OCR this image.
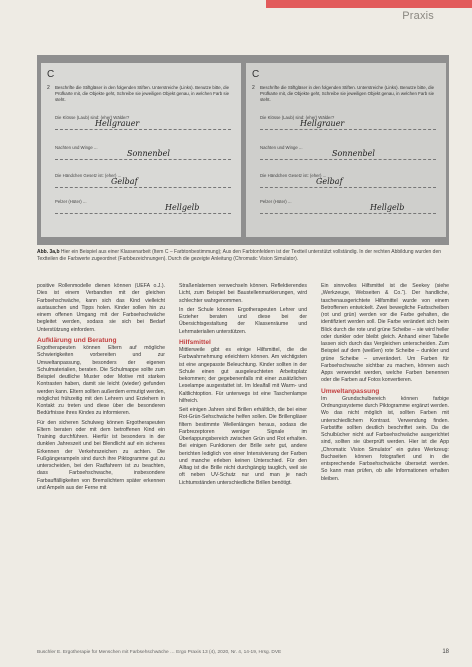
Praxis
C
2 Beschrifte die Stiftgläser in den folgenden Stiften. Unterstreiche (Links). Benutze bitte, die Prüfkarte mit, die Objekte geht, Schreibe sie jeweiligen Objekt genau, in welchen Farb sie steht.
Die Klösse (Laub) sind: (eher) Wälder?
Hellgrauer
Nachten und Winge ...
Sonnenbel
Die Händchen Gesetz ist: (eher) ...
Gelbaf
Pelzer (Hüter) ...
Hellgelb
C
2 Beschrifte die Stiftgläser in den folgenden Stiften. Unterstreiche (Links). Benutze bitte, die Prüfkarte mit, die Objekte geht, Schreibe sie jeweiligen Objekt genau, in welchen Farb sie steht.
Die Klösse (Laub) sind: (eher) Wälder?
Hellgrauer
Nachten und Winge ...
Sonnenbel
Die Händchen Gesetz ist: (eher) ...
Gelbaf
Pelzer (Hüter) ...
Hellgelb
Abb. 3a,b Hier ein Beispiel aus einer Klassenarbeit (Item C – Farbtonbestimmung); Aus den Farbtonfeldern ist der Textteil unterstützt vollständig. In der rechten Abbildung wurden den Textteilen die Farbwerte zugeordnet (Farbbezeichnungen). Durch die gezeigte Anleitung (Chromatic Vision Simulator).

positive Rollenmodelle dienen können (UEFA o.J.). Dies ist einem Verbandten mit der gleichen Farbsehschwäche, kann sich das Kind vielleicht austauschen und Tipps holen. Kinder sollen hin zu einem offenen Umgang mit der Farbsehschwäche begleitet werden, sodass sie sich bei Bedarf Unterstützung einfordern.

Aufklärung und Beratung

Ergotherapeuten können Eltern auf mögliche Schwierigkeiten vorbereiten und zur Umweltanpassung, besonders der eigenen Schulmaterialien, beraten. Die Schulmappe sollte zum Beispiel deutliche Muster oder Motive mit starken Kontrasten haben, damit sie leicht (wieder) gefunden werden kann. Eltern sollten außerdem ermutigt werden, möglichst frühzeitig mit den Lehrern und Erziehern in Kontakt zu treten und diese über die besonderen Bedürfnisse ihres Kindes zu informieren.

Für den sicheren Schulweg können Ergotherapeuten Eltern beraten oder mit dem betroffenen Kind ein Training durchführen. Hierfür ist besonders in der dunklen Jahreszeit und bei Blendlicht auf ein sicheres Erkennen der Verkehrszeichen zu achten. Die Fußgängerampeln sind durch ihre Piktogramme gut zu unterscheiden, bei den Radfahrern ist zu beachten, dass Farbsehschwache, insbesondere Farbauffälligkeiten von Bremslichtern später erkennen und Ampeln aus der Ferne mit

Straßenlaternen verwechseln können. Reflektierendes Licht, zum Beispiel bei Baustellenmarkierungen, wird schlechter wahrgenommen.

In der Schule können Ergotherapeuten Lehrer und Erzieher beraten und diese bei der Übersichtsgestaltung der Klassenräume und Lehrmaterialien unterstützen.

Hilfsmittel

Mittlerweile gibt es einige Hilfsmittel, die die Farbwahrnehmung erleichtern können. Am wichtigsten ist eine angepasste Beleuchtung. Kinder sollten in der Schule einen gut ausgeleuchteten Arbeitsplatz bekommen; der gegebenenfalls mit einer zusätzlichen Leselampe ausgestattet ist. Im Idealfall mit Warm- und Kaltlichtoption. Für unterwegs ist eine Taschenlampe hilfreich.

Seit einigen Jahren sind Brillen erhältlich, die bei einer Rot-Grün-Sehschwäche helfen sollen. Die Brillengläser filtern bestimmte Wellenlängen heraus, sodass die Farbrezeptoren weniger Signale im Überlappungsbereich zwischen Grün und Rot erhalten. Bei einigen Funktionen der Brille sehr gut, andere berichten lediglich von einer Intensivierung der Farben und manche erleben keinen Unterschied. Für den Alltag ist die Brille nicht durchgängig tauglich, weil sie oft neben UV-Schutz nur und man je nach Lichtumständen unterschiedliche Brillen benötigt.

Ein sinnvolles Hilfsmittel ist die Seekey (siehe „Werkzeuge, Webseiten & Co.“). Der handliche, taschenausgerichtete Hilfsmittel wurde von einem Betroffenen entwickelt. Zwei bewegliche Farbscheiben (rot und grün) werden vor die Farbe gehalten, die identifiziert werden soll. Die Farbe verändert sich beim Blick durch die rote und grüne Scheibe – sie wird heller oder dunkler oder bleibt gleich. Anhand einer Tabelle lassen sich durch das Vergleichen unterscheiden. Zum Beispiel auf dem (weißen) rote Scheibe – dunkler und grüne Scheibe – unverändert. Um Farben für Farbsehschwache sichtbar zu machen, können auch Apps verwendet werden, welche Farben benennen oder die Farben auf Fotos konvertieren.

Umweltanpassung

Im Grundschulbereich können farbige Ordnungssysteme durch Piktogramme ergänzt werden. Wo das nicht möglich ist, sollten Farben mit unterschiedlichem Kontrast. Verwendung finden. Farbstifte sollten deutlich beschriftet sein. Da die Schulbücher nicht auf Farbsehschwäche ausgerichtet sind, sollten sie überprüft werden. Hier ist die App „Chromatic Vision Simulator“ ein gutes Werkzeug: Buchseiten können fotografiert und in die entsprechende Farbsehschwäche übersetzt werden. So kann man prüfen, ob alle Informationen erhalten bleiben.

Buschler E. Ergotherapie für Menschen mit Farbsehschwäche … Ergo Praxis 13 (4), 2020, Nr. 4, 14-19, Hrsg. DVE	18
